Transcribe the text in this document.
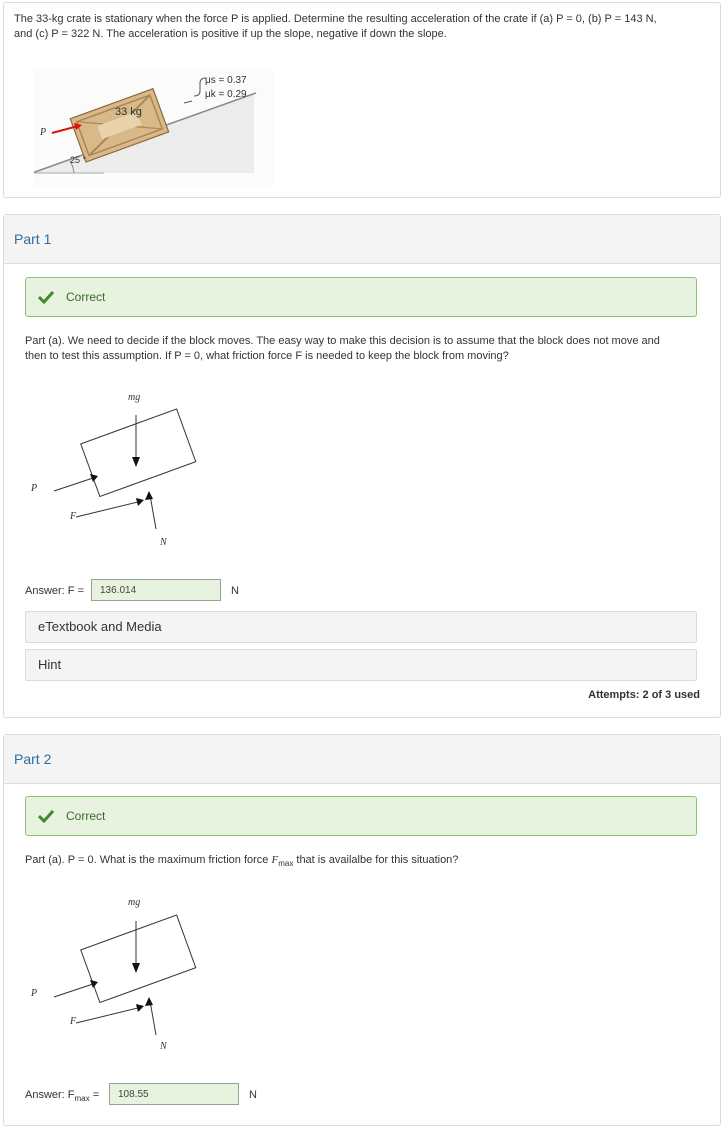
The 33-kg crate is stationary when the force P is applied. Determine the resulting acceleration of the crate if (a) P = 0, (b) P = 143 N,
and (c) P = 322 N. The acceleration is positive if up the slope, negative if down the slope.
33 kg
25 °
P
μs = 0.37
μk = 0.29
Part 1
Correct
Part (a). We need to decide if the block moves. The easy way to make this decision is to assume that the block does not move and
then to test this assumption. If P = 0, what friction force F is needed to keep the block from moving?
mg
P
F
N
Answer: F =	136.014	N
eTextbook and Media
Hint
Attempts: 2 of 3 used
Part 2
Correct
Part (a). P = 0. What is the maximum friction force $F_{max}$ that is availalbe for this situation?
mg
P
F
N
Answer: $F_{max}$ =	108.55	N
